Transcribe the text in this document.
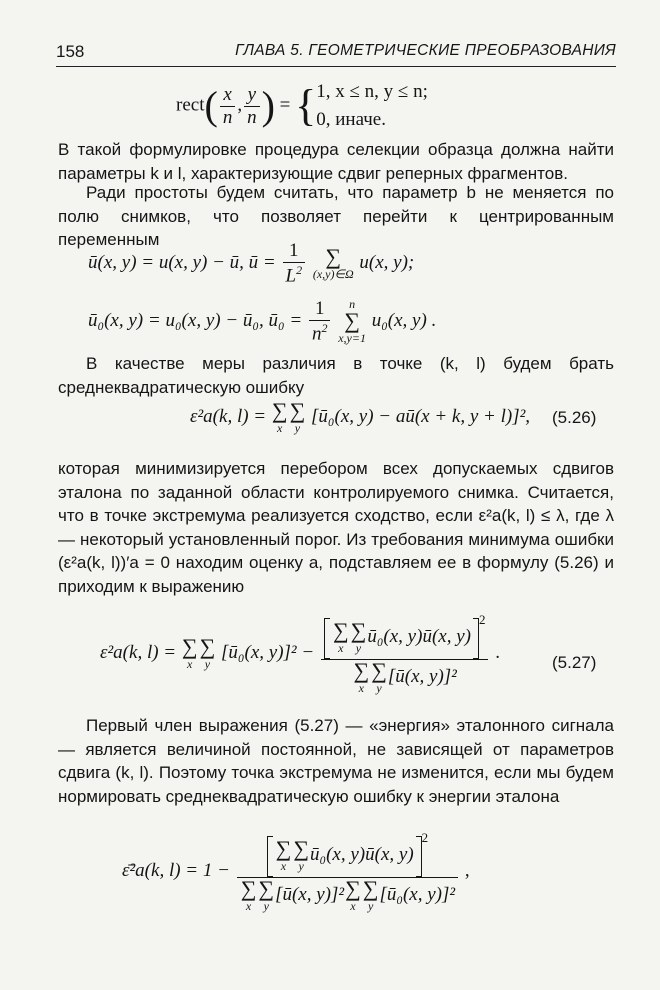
158	ГЛАВА 5. ГЕОМЕТРИЧЕСКИЕ ПРЕОБРАЗОВАНИЯ
rect( $\frac{x}{n}$ , $\frac{y}{n}$ ) = { 1, x ≤ n, y ≤ n;
0, иначе.
В такой формулировке процедура селекции образца должна найти параметры k и l, характеризующие сдвиг реперных фрагментов.
Ради простоты будем считать, что параметр b не меняется по полю снимков, что позволяет перейти к центрированным переменным
ū(x, y) = u(x, y) − ū, ū = $\frac{1}{L^2}$
∑
(x,y)∈Ω
u(x, y);
ū₀(x, y) = u₀(x, y) − ū₀, ū₀ = $\frac{1}{n^2}$
	n
∑
x,y=1
u₀(x, y) .
В качестве меры различия в точке (k, l) будем брать среднеквадратическую ошибку
ε²a(k, l) = ∑
x
∑
y
[ū₀(x, y) − aū(x + k, y + l)]², (5.26)
которая минимизируется перебором всех допускаемых сдвигов эталона по заданной области контролируемого снимка. Считается, что в точке экстремума реализуется сходство, если ε²a(k, l) ≤ λ, где λ — некоторый установленный порог. Из требования минимума ошибки (ε²a(k, l))′a = 0 находим оценку a, подставляем ее в формулу (5.26) и приходим к выражению
ε²a(k, l) = ∑
x
∑
y
[ū₀(x, y)]² − ∑
x
∑
y
ū₀(x, y)ū(x, y)$^2$
∑
x
∑
y
[ū(x, y)]² .	(5.27)
Первый член выражения (5.27) — «энергия» эталонного сигнала — является величиной постоянной, не зависящей от параметров сдвига (k, l). Поэтому точка экстремума не изменится, если мы будем нормировать среднеквадратическую ошибку к энергии эталона
ε̄²a(k, l) = 1 − ∑
x
∑
y
ū₀(x, y)ū(x, y)$^2$
∑
x
∑
y
[ū(x, y)]² ∑
x
∑
y
[ū₀(x, y)]² ,
